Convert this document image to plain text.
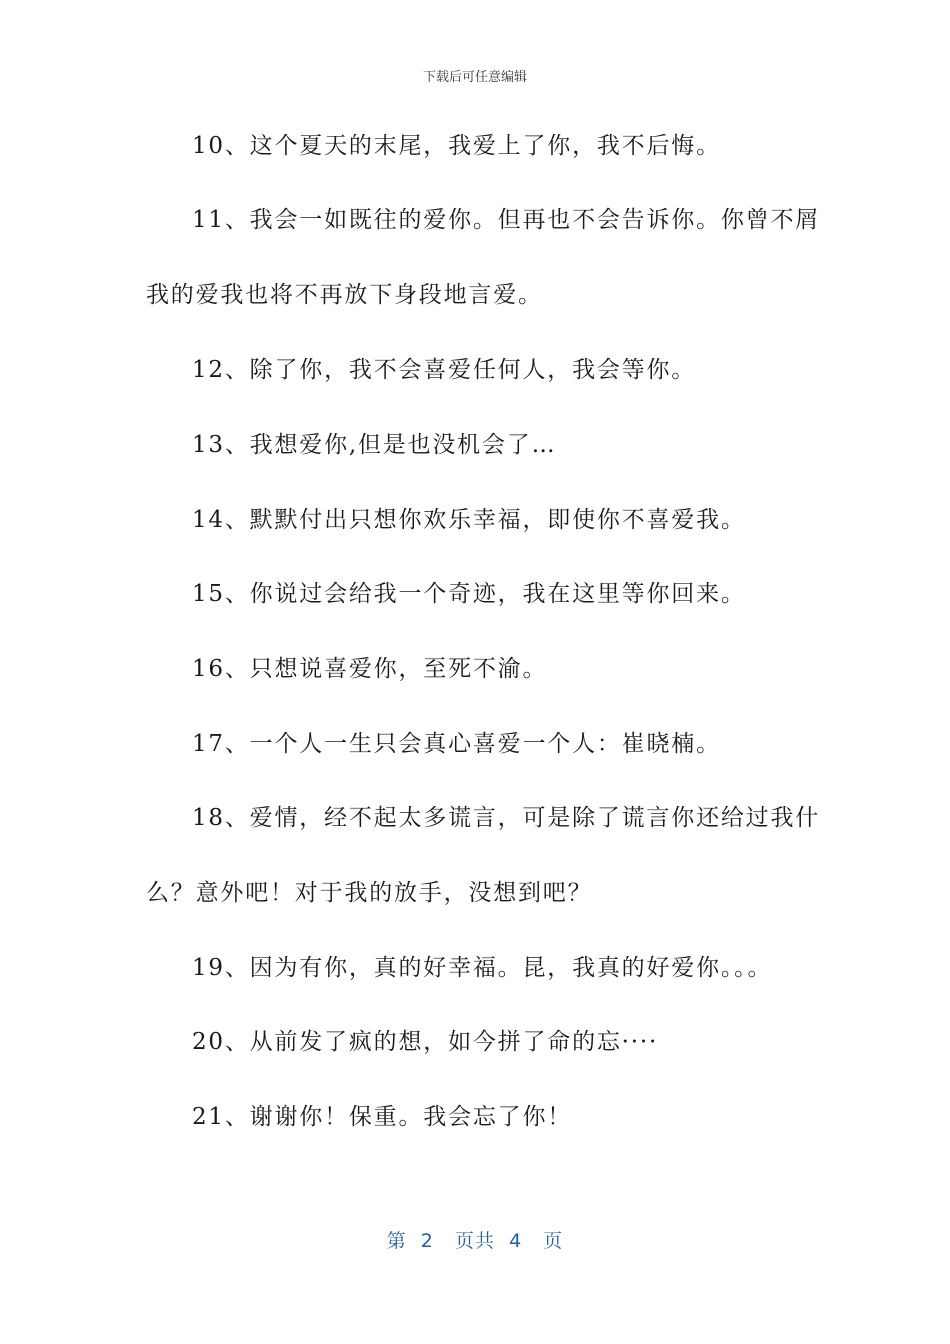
下载后可任意编辑
10、这个夏天的末尾，我爱上了你，我不后悔。
11、我会一如既往的爱你。但再也不会告诉你。你曾不屑
我的爱我也将不再放下身段地言爱。
12、除了你，我不会喜爱任何人，我会等你。
13、我想爱你,但是也没机会了…
14、默默付出只想你欢乐幸福，即使你不喜爱我。
15、你说过会给我一个奇迹，我在这里等你回来。
16、只想说喜爱你，至死不渝。
17、一个人一生只会真心喜爱一个人：崔晓楠。
18、爱情，经不起太多谎言，可是除了谎言你还给过我什
么？意外吧！对于我的放手，没想到吧？
19、因为有你，真的好幸福。昆，我真的好爱你。。。
20、从前发了疯的想，如今拼了命的忘····
21、谢谢你！保重。我会忘了你！
第  2   页共  4   页
